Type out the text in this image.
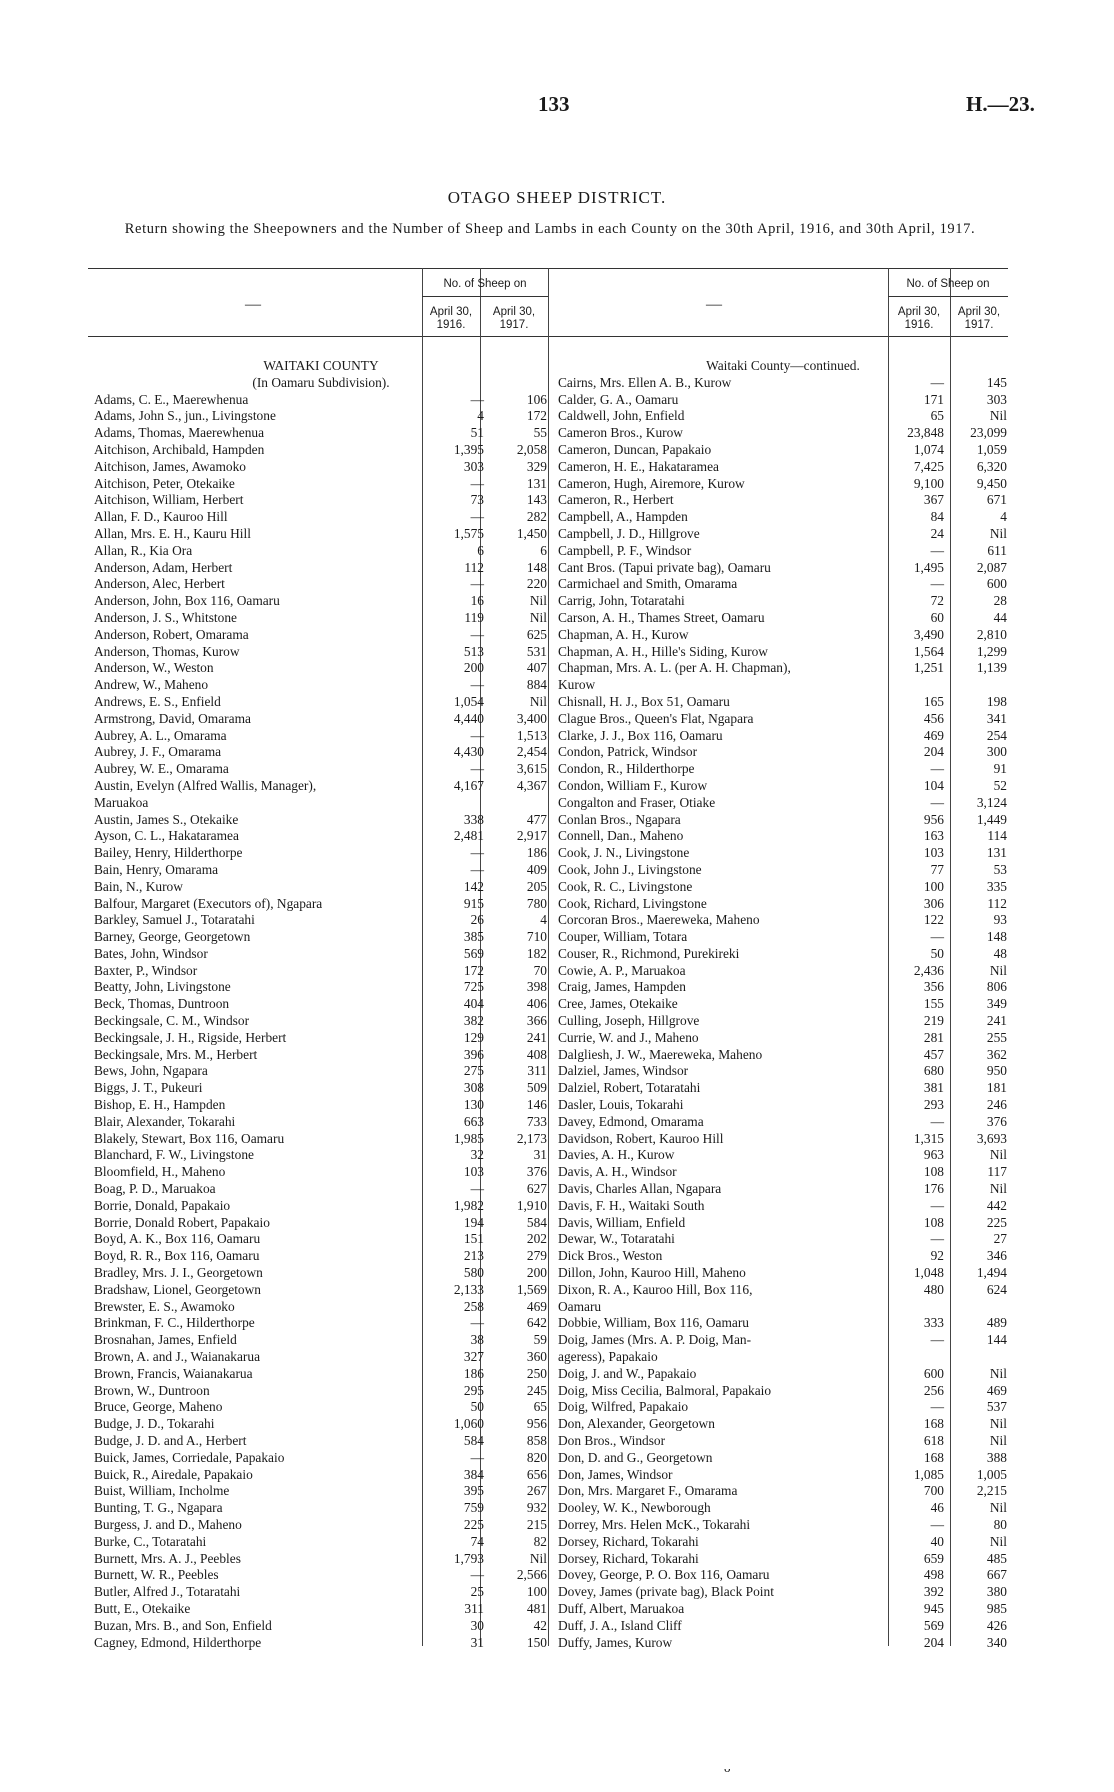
133	H.—23.
OTAGO SHEEP DISTRICT.
Return showing the Sheepowners and the Number of Sheep and Lambs in each County on the 30th April, 1916, and 30th April, 1917.
—
No. of Sheep on
April 30, 1916.
April 30, 1917.
—
No. of Sheep on
April 30, 1916.
April 30, 1917.
WAITAKI COUNTY
(In Oamaru Subdivision).
Adams, C. E., Maerewhenua	—	106
Adams, John S., jun., Livingstone	4	172
Adams, Thomas, Maerewhenua	51	55
Aitchison, Archibald, Hampden	1,395	2,058
Aitchison, James, Awamoko	303	329
Aitchison, Peter, Otekaike	—	131
Aitchison, William, Herbert	73	143
Allan, F. D., Kauroo Hill	—	282
Allan, Mrs. E. H., Kauru Hill	1,575	1,450
Allan, R., Kia Ora	6	6
Anderson, Adam, Herbert	112	148
Anderson, Alec, Herbert	—	220
Anderson, John, Box 116, Oamaru	16	Nil
Anderson, J. S., Whitstone	119	Nil
Anderson, Robert, Omarama	—	625
Anderson, Thomas, Kurow	513	531
Anderson, W., Weston	200	407
Andrew, W., Maheno	—	884
Andrews, E. S., Enfield	1,054	Nil
Armstrong, David, Omarama	4,440	3,400
Aubrey, A. L., Omarama	—	1,513
Aubrey, J. F., Omarama	4,430	2,454
Aubrey, W. E., Omarama	—	3,615
Austin, Evelyn (Alfred Wallis, Manager),	4,167	4,367
Maruakoa
Austin, James S., Otekaike	338	477
Ayson, C. L., Hakataramea	2,481	2,917
Bailey, Henry, Hilderthorpe	—	186
Bain, Henry, Omarama	—	409
Bain, N., Kurow	142	205
Balfour, Margaret (Executors of), Ngapara	915	780
Barkley, Samuel J., Totaratahi	26	4
Barney, George, Georgetown	385	710
Bates, John, Windsor	569	182
Baxter, P., Windsor	172	70
Beatty, John, Livingstone	725	398
Beck, Thomas, Duntroon	404	406
Beckingsale, C. M., Windsor	382	366
Beckingsale, J. H., Rigside, Herbert	129	241
Beckingsale, Mrs. M., Herbert	396	408
Bews, John, Ngapara	275	311
Biggs, J. T., Pukeuri	308	509
Bishop, E. H., Hampden	130	146
Blair, Alexander, Tokarahi	663	733
Blakely, Stewart, Box 116, Oamaru	1,985	2,173
Blanchard, F. W., Livingstone	32	31
Bloomfield, H., Maheno	103	376
Boag, P. D., Maruakoa	—	627
Borrie, Donald, Papakaio	1,982	1,910
Borrie, Donald Robert, Papakaio	194	584
Boyd, A. K., Box 116, Oamaru	151	202
Boyd, R. R., Box 116, Oamaru	213	279
Bradley, Mrs. J. I., Georgetown	580	200
Bradshaw, Lionel, Georgetown	2,133	1,569
Brewster, E. S., Awamoko	258	469
Brinkman, F. C., Hilderthorpe	—	642
Brosnahan, James, Enfield	38	59
Brown, A. and J., Waianakarua	327	360
Brown, Francis, Waianakarua	186	250
Brown, W., Duntroon	295	245
Bruce, George, Maheno	50	65
Budge, J. D., Tokarahi	1,060	956
Budge, J. D. and A., Herbert	584	858
Buick, James, Corriedale, Papakaio	—	820
Buick, R., Airedale, Papakaio	384	656
Buist, William, Incholme	395	267
Bunting, T. G., Ngapara	759	932
Burgess, J. and D., Maheno	225	215
Burke, C., Totaratahi	74	82
Burnett, Mrs. A. J., Peebles	1,793	Nil
Burnett, W. R., Peebles	—	2,566
Butler, Alfred J., Totaratahi	25	100
Butt, E., Otekaike	311	481
Buzan, Mrs. B., and Son, Enfield	30	42
Cagney, Edmond, Hilderthorpe	31	150
Waitaki County—continued.
Cairns, Mrs. Ellen A. B., Kurow	—	145
Calder, G. A., Oamaru	171	303
Caldwell, John, Enfield	65	Nil
Cameron Bros., Kurow	23,848	23,099
Cameron, Duncan, Papakaio	1,074	1,059
Cameron, H. E., Hakataramea	7,425	6,320
Cameron, Hugh, Airemore, Kurow	9,100	9,450
Cameron, R., Herbert	367	671
Campbell, A., Hampden	84	4
Campbell, J. D., Hillgrove	24	Nil
Campbell, P. F., Windsor	—	611
Cant Bros. (Tapui private bag), Oamaru	1,495	2,087
Carmichael and Smith, Omarama	—	600
Carrig, John, Totaratahi	72	28
Carson, A. H., Thames Street, Oamaru	60	44
Chapman, A. H., Kurow	3,490	2,810
Chapman, A. H., Hille's Siding, Kurow	1,564	1,299
Chapman, Mrs. A. L. (per A. H. Chapman),	1,251	1,139
Kurow
Chisnall, H. J., Box 51, Oamaru	165	198
Clague Bros., Queen's Flat, Ngapara	456	341
Clarke, J. J., Box 116, Oamaru	469	254
Condon, Patrick, Windsor	204	300
Condon, R., Hilderthorpe	—	91
Condon, William F., Kurow	104	52
Congalton and Fraser, Otiake	—	3,124
Conlan Bros., Ngapara	956	1,449
Connell, Dan., Maheno	163	114
Cook, J. N., Livingstone	103	131
Cook, John J., Livingstone	77	53
Cook, R. C., Livingstone	100	335
Cook, Richard, Livingstone	306	112
Corcoran Bros., Maereweka, Maheno	122	93
Couper, William, Totara	—	148
Couser, R., Richmond, Purekireki	50	48
Cowie, A. P., Maruakoa	2,436	Nil
Craig, James, Hampden	356	806
Cree, James, Otekaike	155	349
Culling, Joseph, Hillgrove	219	241
Currie, W. and J., Maheno	281	255
Dalgliesh, J. W., Maereweka, Maheno	457	362
Dalziel, James, Windsor	680	950
Dalziel, Robert, Totaratahi	381	181
Dasler, Louis, Tokarahi	293	246
Davey, Edmond, Omarama	—	376
Davidson, Robert, Kauroo Hill	1,315	3,693
Davies, A. H., Kurow	963	Nil
Davis, A. H., Windsor	108	117
Davis, Charles Allan, Ngapara	176	Nil
Davis, F. H., Waitaki South	—	442
Davis, William, Enfield	108	225
Dewar, W., Totaratahi	—	27
Dick Bros., Weston	92	346
Dillon, John, Kauroo Hill, Maheno	1,048	1,494
Dixon, R. A., Kauroo Hill, Box 116,	480	624
Oamaru
Dobbie, William, Box 116, Oamaru	333	489
Doig, James (Mrs. A. P. Doig, Man-	—	144
ageress), Papakaio
Doig, J. and W., Papakaio	600	Nil
Doig, Miss Cecilia, Balmoral, Papakaio	256	469
Doig, Wilfred, Papakaio	—	537
Don, Alexander, Georgetown	168	Nil
Don Bros., Windsor	618	Nil
Don, D. and G., Georgetown	168	388
Don, James, Windsor	1,085	1,005
Don, Mrs. Margaret F., Omarama	700	2,215
Dooley, W. K., Newborough	46	Nil
Dorrey, Mrs. Helen McK., Tokarahi	—	80
Dorsey, Richard, Tokarahi	40	Nil
Dorsey, Richard, Tokarahi	659	485
Dovey, George, P. O. Box 116, Oamaru	498	667
Dovey, James (private bag), Black Point	392	380
Duff, Albert, Maruakoa	945	985
Duff, J. A., Island Cliff	569	426
Duffy, James, Kurow	204	340
ᴗ
